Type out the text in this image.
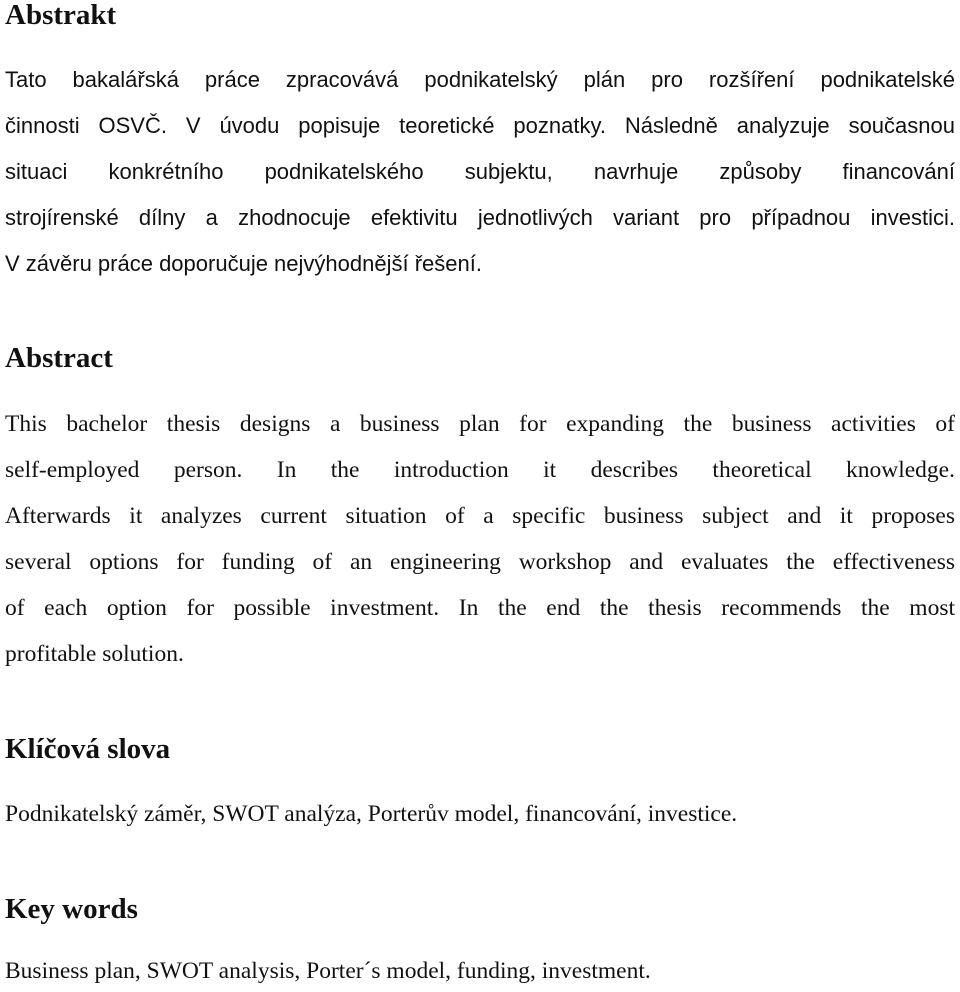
Abstrakt
Tato bakalářská práce zpracovává podnikatelský plán pro rozšíření podnikatelské
činnosti OSVČ. V úvodu popisuje teoretické poznatky. Následně analyzuje současnou
situaci konkrétního podnikatelského subjektu, navrhuje způsoby financování
strojírenské dílny a zhodnocuje efektivitu jednotlivých variant pro případnou investici.
V závěru práce doporučuje nejvýhodnější řešení.
Abstract
This bachelor thesis designs a business plan for expanding the business activities of
self-employed person. In the introduction it describes theoretical knowledge.
Afterwards it analyzes current situation of a specific business subject and it proposes
several options for funding of an engineering workshop and evaluates the effectiveness
of each option for possible investment. In the end the thesis recommends the most
profitable solution.
Klíčová slova
Podnikatelský záměr, SWOT analýza, Porterův model, financování, investice.
Key words
Business plan, SWOT analysis, Porter´s model, funding, investment.
